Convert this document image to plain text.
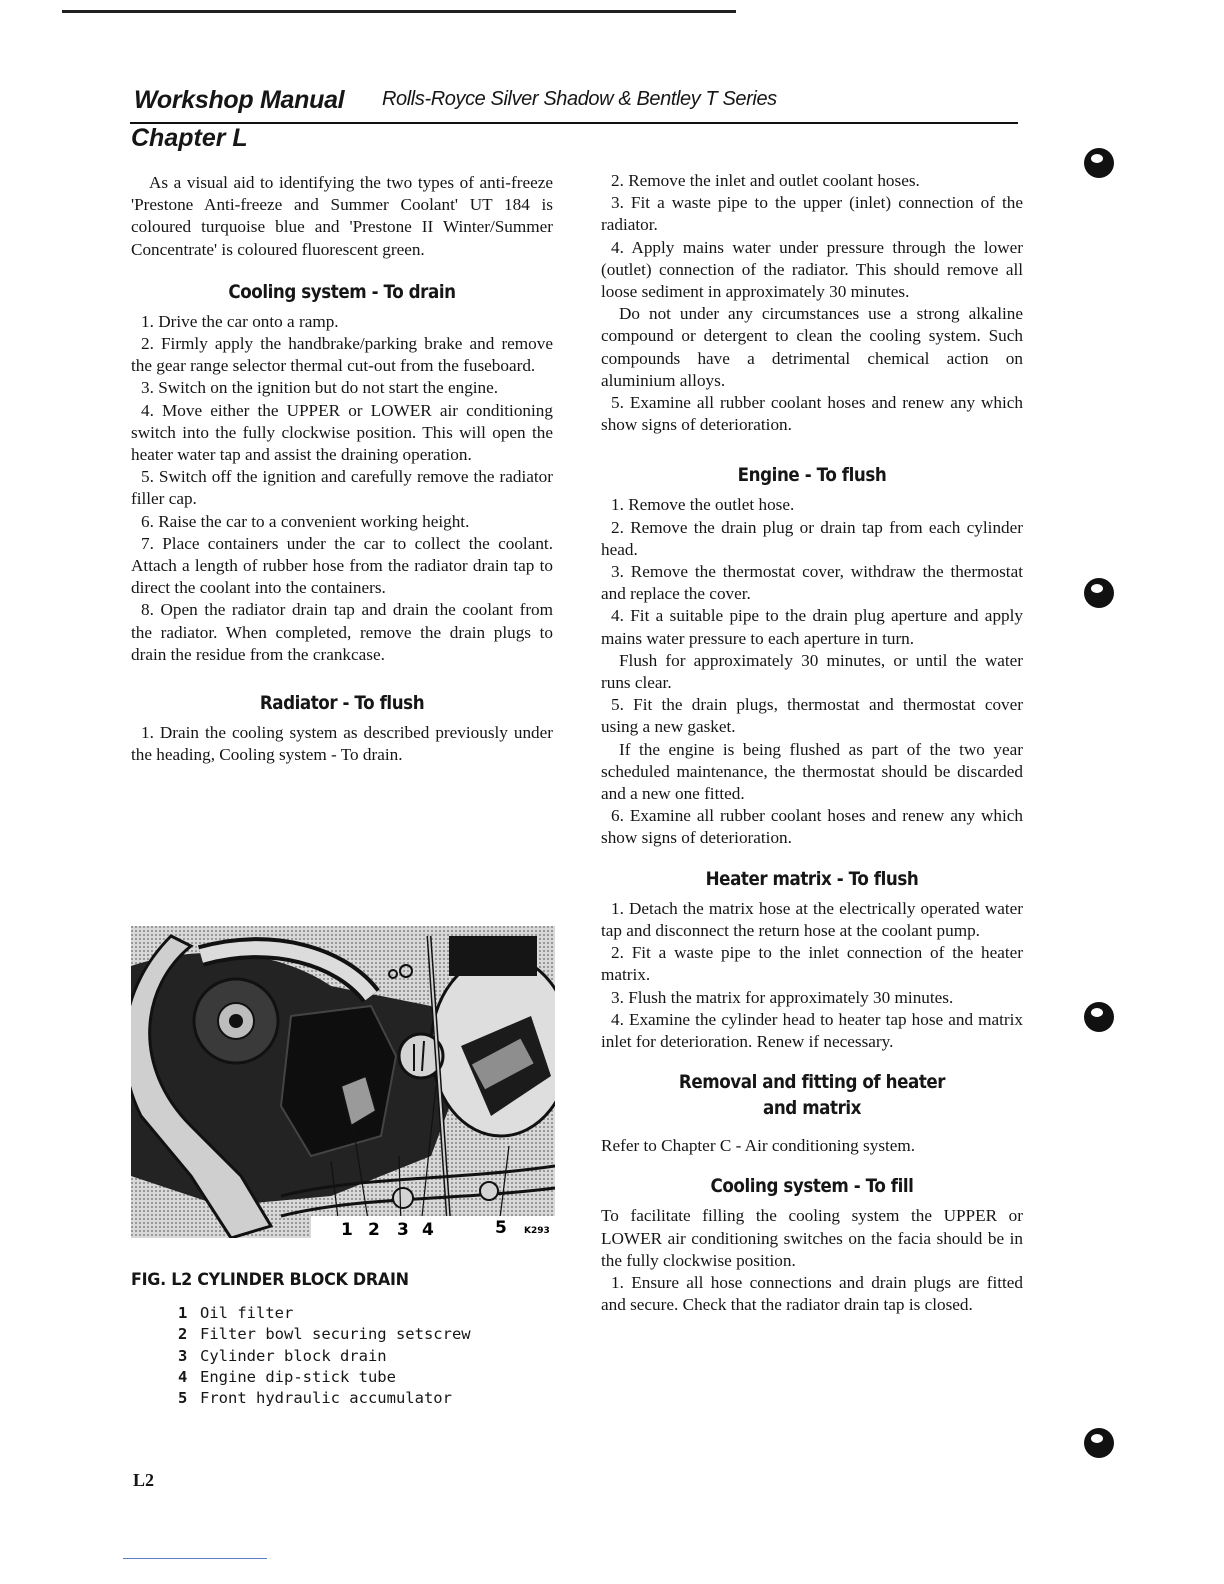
Workshop Manual Rolls-Royce Silver Shadow & Bentley T Series
Chapter L

As a visual aid to identifying the two types of anti-freeze 'Prestone Anti-freeze and Summer Coolant' UT 184 is coloured turquoise blue and 'Prestone II Winter/Summer Concentrate' is coloured fluorescent green.

Cooling system - To drain

1. Drive the car onto a ramp.

2. Firmly apply the handbrake/parking brake and remove the gear range selector thermal cut-out from the fuseboard.

3. Switch on the ignition but do not start the engine.

4. Move either the UPPER or LOWER air conditioning switch into the fully clockwise position. This will open the heater water tap and assist the draining operation.

5. Switch off the ignition and carefully remove the radiator filler cap.

6. Raise the car to a convenient working height.

7. Place containers under the car to collect the coolant. Attach a length of rubber hose from the radiator drain tap to direct the coolant into the containers.

8. Open the radiator drain tap and drain the coolant from the radiator. When completed, remove the drain plugs to drain the residue from the crankcase.

Radiator - To flush

1. Drain the cooling system as described previously under the heading, Cooling system - To drain.

1 2 3 4	5 K293
FIG. L2 CYLINDER BLOCK DRAIN
1 Oil filter
2 Filter bowl securing setscrew
3 Cylinder block drain
4 Engine dip-stick tube
5 Front hydraulic accumulator

2. Remove the inlet and outlet coolant hoses.

3. Fit a waste pipe to the upper (inlet) connection of the radiator.

4. Apply mains water under pressure through the lower (outlet) connection of the radiator. This should remove all loose sediment in approximately 30 minutes.

Do not under any circumstances use a strong alkaline compound or detergent to clean the cooling system. Such compounds have a detrimental chemical action on aluminium alloys.

5. Examine all rubber coolant hoses and renew any which show signs of deterioration.

Engine - To flush

1. Remove the outlet hose.

2. Remove the drain plug or drain tap from each cylinder head.

3. Remove the thermostat cover, withdraw the thermostat and replace the cover.

4. Fit a suitable pipe to the drain plug aperture and apply mains water pressure to each aperture in turn.

Flush for approximately 30 minutes, or until the water runs clear.

5. Fit the drain plugs, thermostat and thermostat cover using a new gasket.

If the engine is being flushed as part of the two year scheduled maintenance, the thermostat should be discarded and a new one fitted.

6. Examine all rubber coolant hoses and renew any which show signs of deterioration.

Heater matrix - To flush

1. Detach the matrix hose at the electrically operated water tap and disconnect the return hose at the coolant pump.

2. Fit a waste pipe to the inlet connection of the heater matrix.

3. Flush the matrix for approximately 30 minutes.

4. Examine the cylinder head to heater tap hose and matrix inlet for deterioration. Renew if necessary.

Removal and fitting of heater
and matrix

Refer to Chapter C - Air conditioning system.

Cooling system - To fill

To facilitate filling the cooling system the UPPER or LOWER air conditioning switches on the facia should be in the fully clockwise position.

1. Ensure all hose connections and drain plugs are fitted and secure. Check that the radiator drain tap is closed.

L2
